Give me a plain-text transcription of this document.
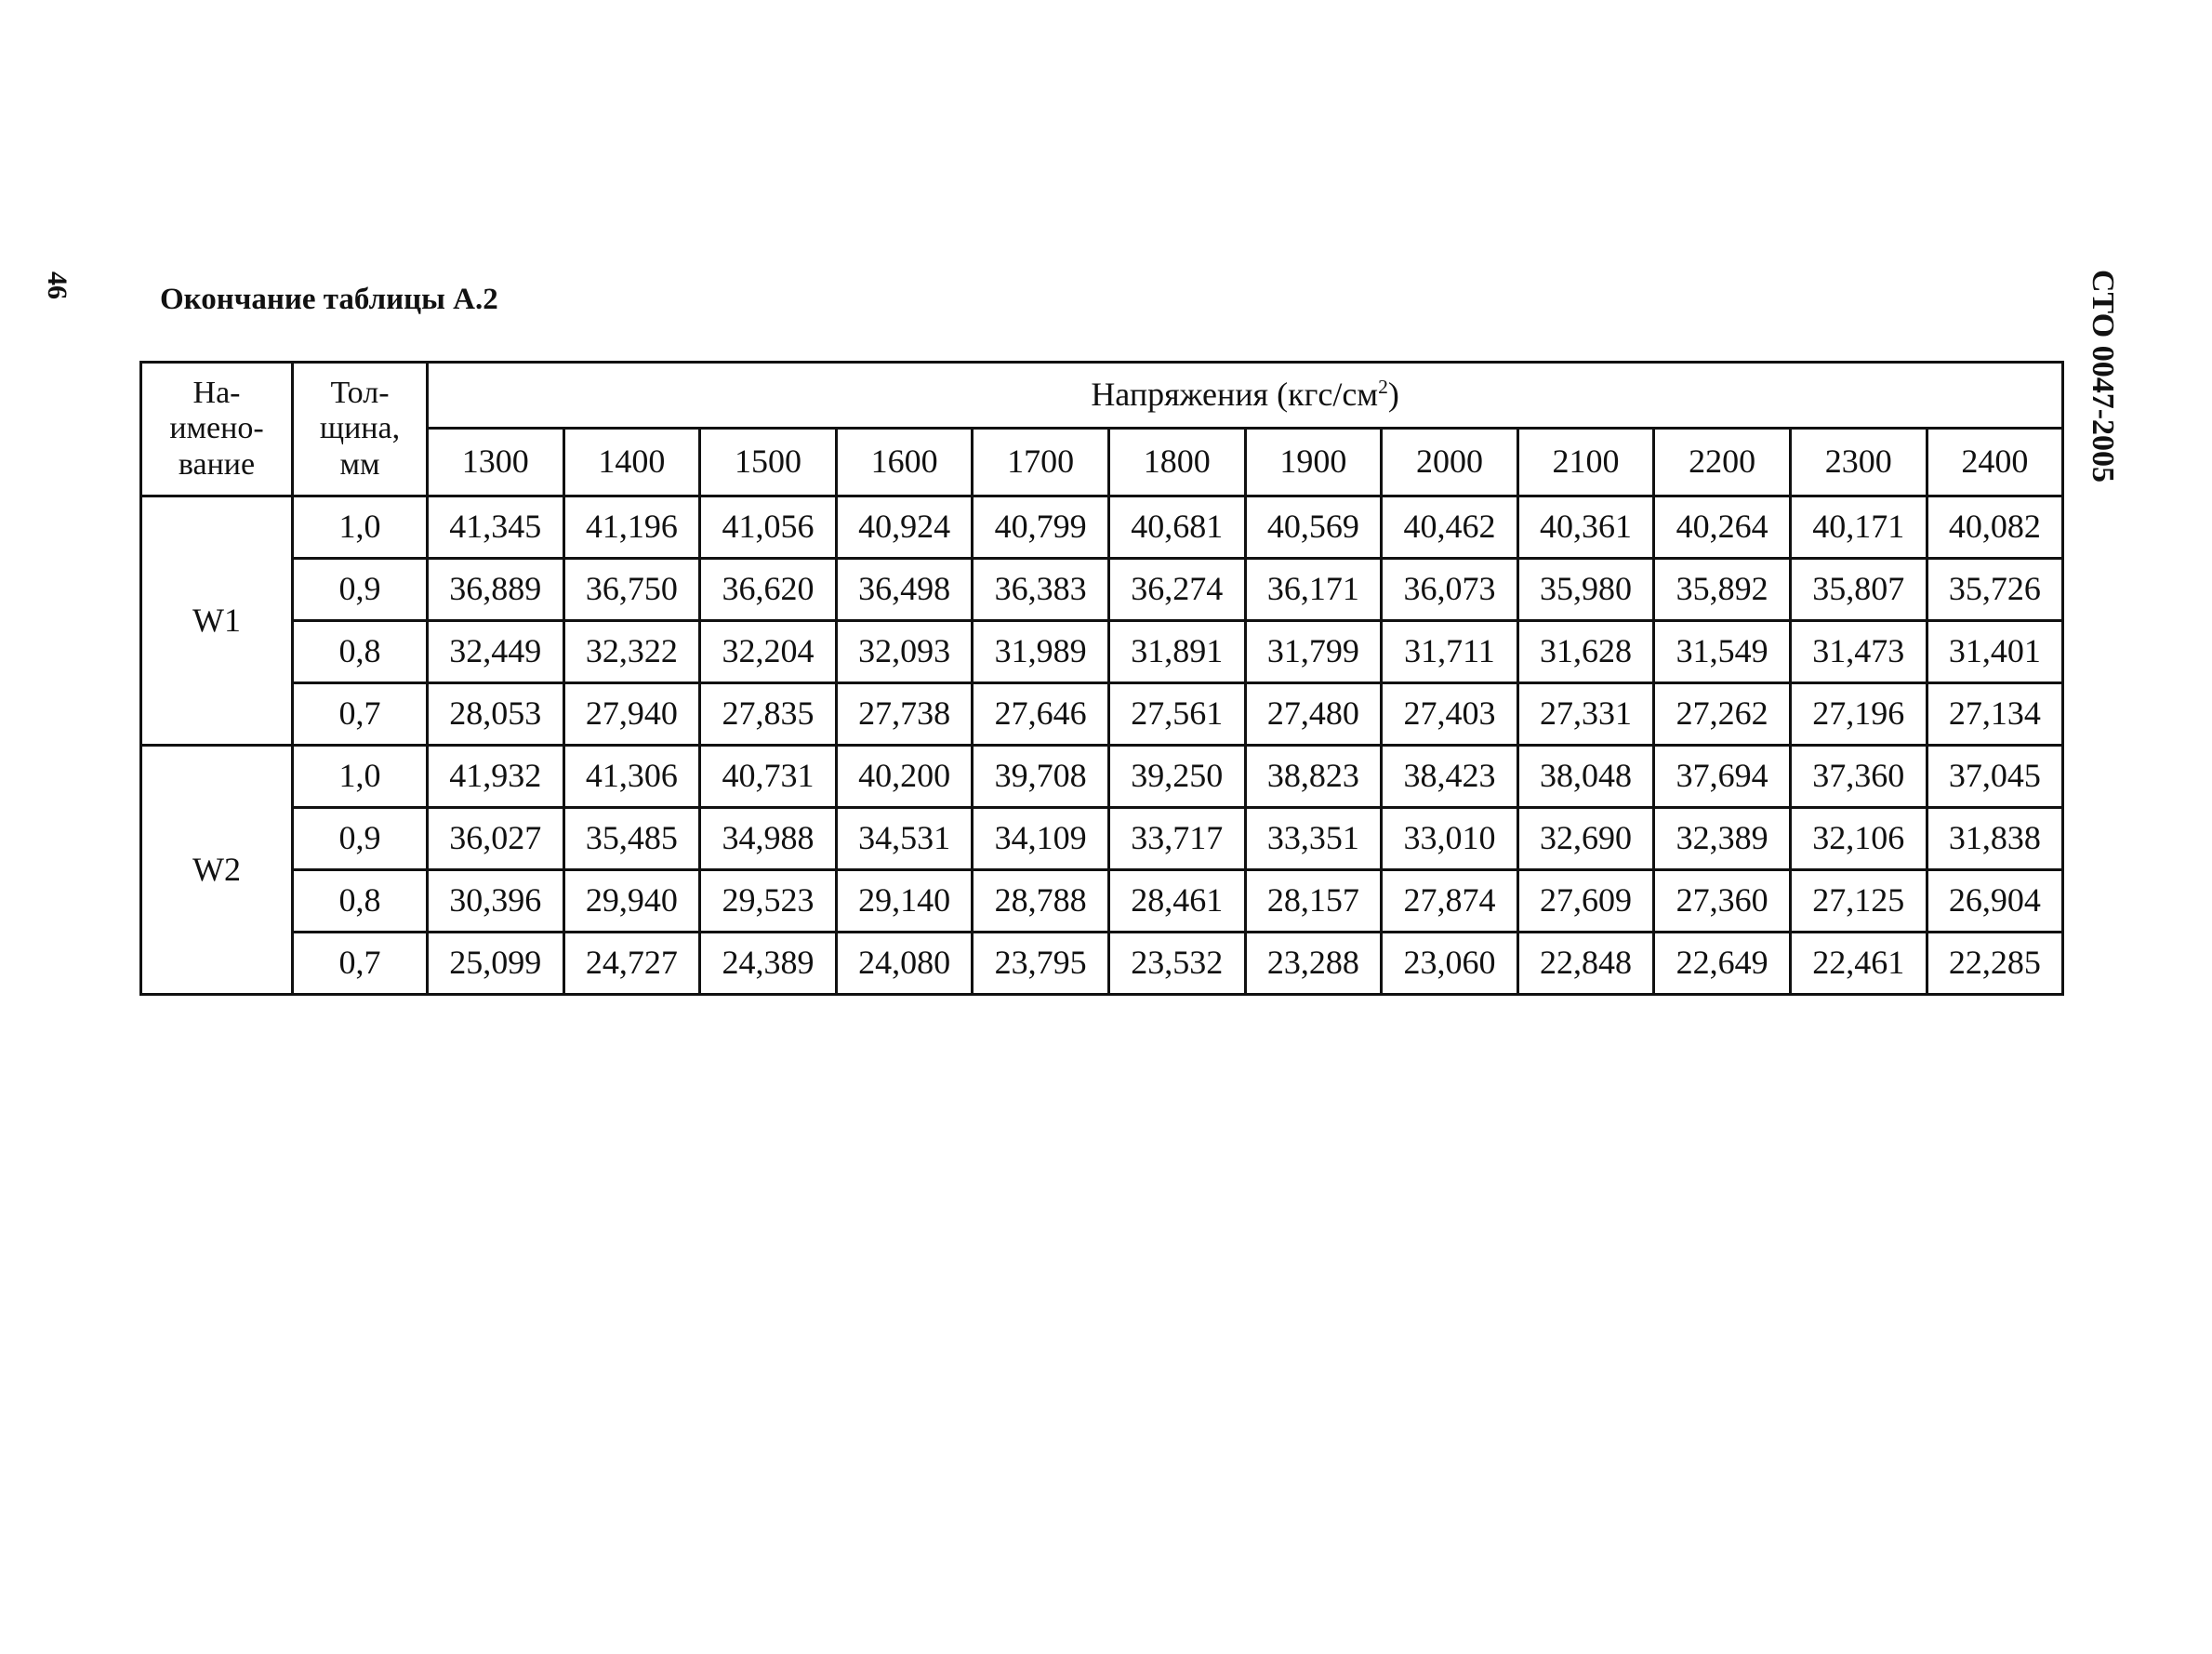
46	СТО 0047-2005
Окончание таблицы А.2
На-
имено-
вание	Тол-
щина,
мм	Напряжения $(кгс/см^2)$											
		1300	1400	1500	1600	1700	1800	1900	2000	2100	2200	2300	2400
W1	1,0	41,345	41,196	41,056	40,924	40,799	40,681	40,569	40,462	40,361	40,264	40,171	40,082
	0,9	36,889	36,750	36,620	36,498	36,383	36,274	36,171	36,073	35,980	35,892	35,807	35,726
	0,8	32,449	32,322	32,204	32,093	31,989	31,891	31,799	31,711	31,628	31,549	31,473	31,401
	0,7	28,053	27,940	27,835	27,738	27,646	27,561	27,480	27,403	27,331	27,262	27,196	27,134
W2	1,0	41,932	41,306	40,731	40,200	39,708	39,250	38,823	38,423	38,048	37,694	37,360	37,045
	0,9	36,027	35,485	34,988	34,531	34,109	33,717	33,351	33,010	32,690	32,389	32,106	31,838
	0,8	30,396	29,940	29,523	29,140	28,788	28,461	28,157	27,874	27,609	27,360	27,125	26,904
	0,7	25,099	24,727	24,389	24,080	23,795	23,532	23,288	23,060	22,848	22,649	22,461	22,285
